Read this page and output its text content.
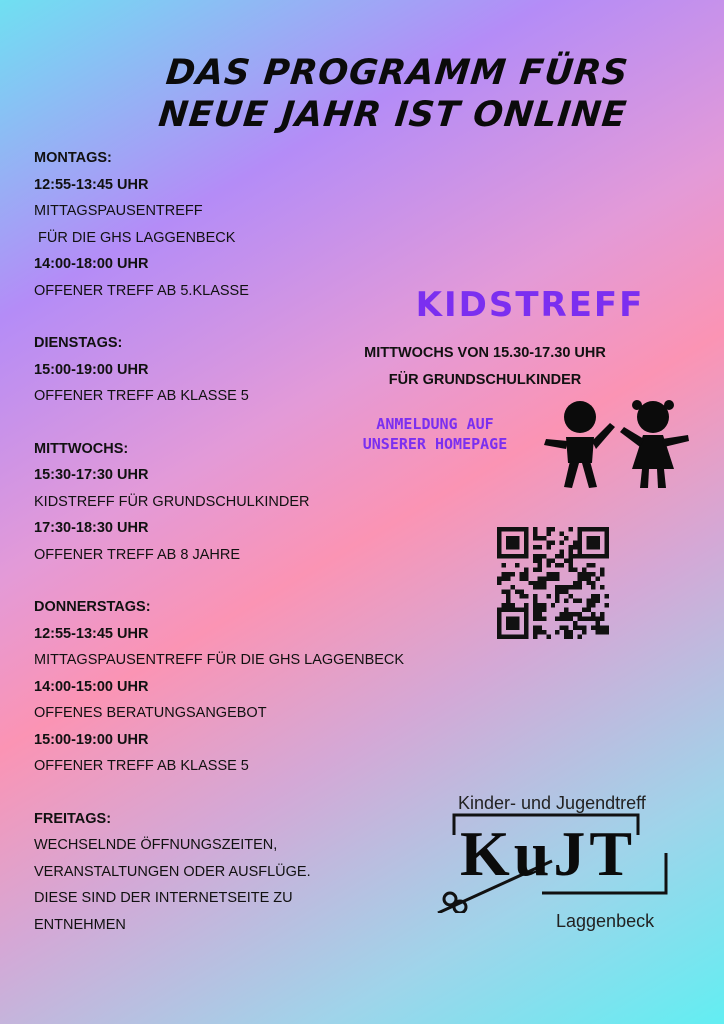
DAS PROGRAMM FÜRS
NEUE JAHR IST ONLINE
MONTAGS:
12:55-13:45 UHR
MITTAGSPAUSENTREFF
FÜR DIE GHS LAGGENBECK
14:00-18:00 UHR
OFFENER TREFF AB 5.KLASSE
DIENSTAGS:
15:00-19:00 UHR
OFFENER TREFF AB KLASSE 5
MITTWOCHS:
15:30-17:30 UHR
KIDSTREFF FÜR GRUNDSCHULKINDER
17:30-18:30 UHR
OFFENER TREFF AB 8 JAHRE
DONNERSTAGS:
12:55-13:45 UHR
MITTAGSPAUSENTREFF FÜR DIE GHS LAGGENBECK
14:00-15:00 UHR
OFFENES BERATUNGSANGEBOT
15:00-19:00 UHR
OFFENER TREFF AB KLASSE 5
FREITAGS:
WECHSELNDE ÖFFNUNGSZEITEN,
VERANSTALTUNGEN ODER AUSFLÜGE.
DIESE SIND DER INTERNETSEITE ZU
ENTNEHMEN
KIDSTREFF
MITTWOCHS VON 15.30-17.30 UHR
FÜR GRUNDSCHULKINDER
ANMELDUNG AUF
UNSERER HOMEPAGE
Kinder- und Jugendtreff
KuJT
Laggenbeck
